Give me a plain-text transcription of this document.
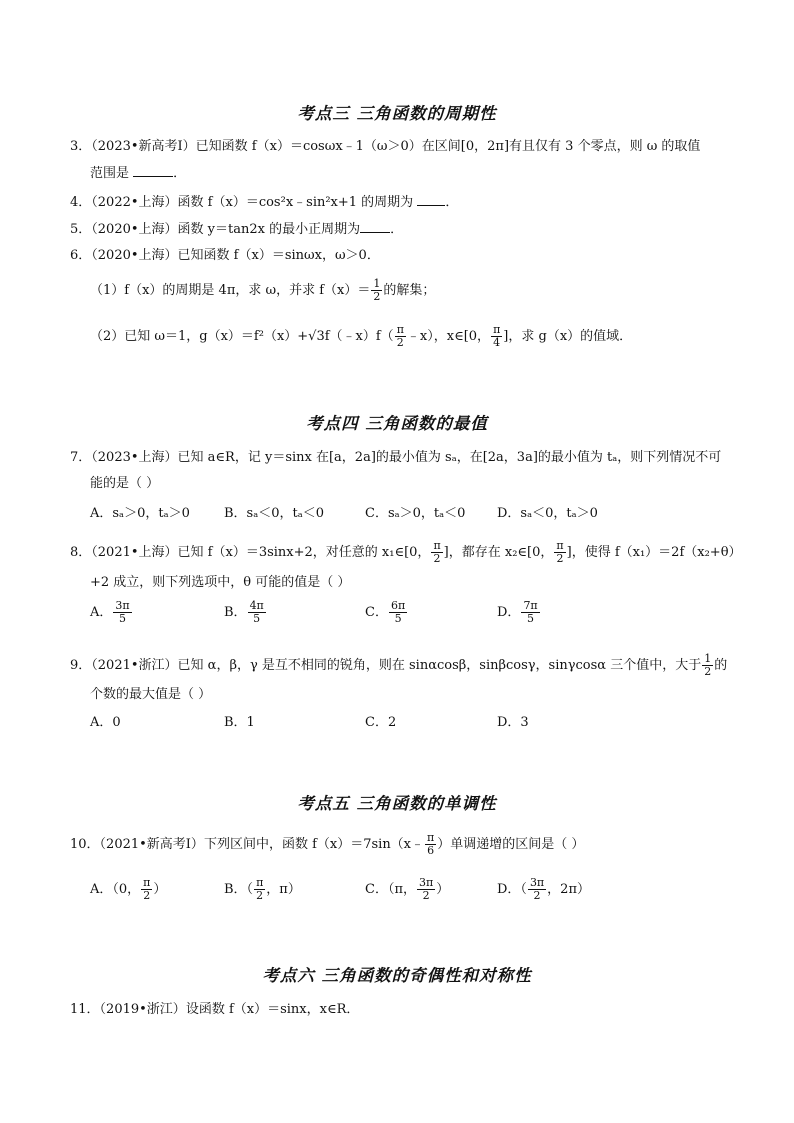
考点三 三角函数的周期性
3．（2023•新高考Ⅰ）已知函数 f（x）＝cosωx﹣1（ω＞0）在区间[0，2π]有且仅有 3 个零点，则 ω 的取值
范围是	．
4．（2022•上海）函数 f（x）＝cos²x﹣sin²x+1 的周期为 ．
5．（2020•上海）函数 y＝tan2x 的最小正周期为 ．
6．（2020•上海）已知函数 f（x）＝sinωx，ω＞0．
（1）f（x）的周期是 4π，求 ω，并求 $f(x)= \frac{1}{2}$ 的解集；
（2）已知 ω＝1，g（x）＝f²（x）+√3f（﹣x）f（ $\frac{\pi}{2}$ ﹣x），x∈[0， $\frac{\pi}{4}$ ]，求 g（x）的值域．
考点四 三角函数的最值
7．（2023•上海）已知 a∈R，记 y＝sinx 在[a，2a]的最小值为 sₐ，在[2a，3a]的最小值为 tₐ，则下列情况不可
能的是（ ）
A．sₐ＞0，tₐ＞0	B．sₐ＜0，tₐ＜0	C．sₐ＞0，tₐ＜0 D．sₐ＜0，tₐ＞0
8．（2021•上海）已知 f（x）＝3sinx+2，对任意的 x₁∈[0， $\frac{\pi}{2}$ ]，都存在 x₂∈[0， $\frac{\pi}{2}$ ]，使得 f（x₁）＝2f（x₂+θ）
+2 成立，则下列选项中，θ 可能的值是（ ）
A． $\frac{3\pi}{5}$	B． $\frac{4\pi}{5}$	C． $\frac{6\pi}{5}$	D． $\frac{7\pi}{5}$
9．（2021•浙江）已知 α，β，γ 是互不相同的锐角，则在 sinαcosβ，sinβcosγ，sinγcosα 三个值中，大于 $\frac{1}{2}$ 的
个数的最大值是（ ）
A．0	B．1	C．2	D．3
考点五 三角函数的单调性
10．（2021•新高考Ⅰ）下列区间中，函数 f（x）＝7sin（x﹣ $\frac{\pi}{6}$ ）单调递增的区间是（ ）
A．（0， $\frac{\pi}{2}$ ）	B．（ $\frac{\pi}{2}$ ，π）	C．（π， $\frac{3\pi}{2}$ ）	D．（ $\frac{3\pi}{2}$ ，2π）
考点六 三角函数的奇偶性和对称性
11．（2019•浙江）设函数 f（x）＝sinx，x∈R．
